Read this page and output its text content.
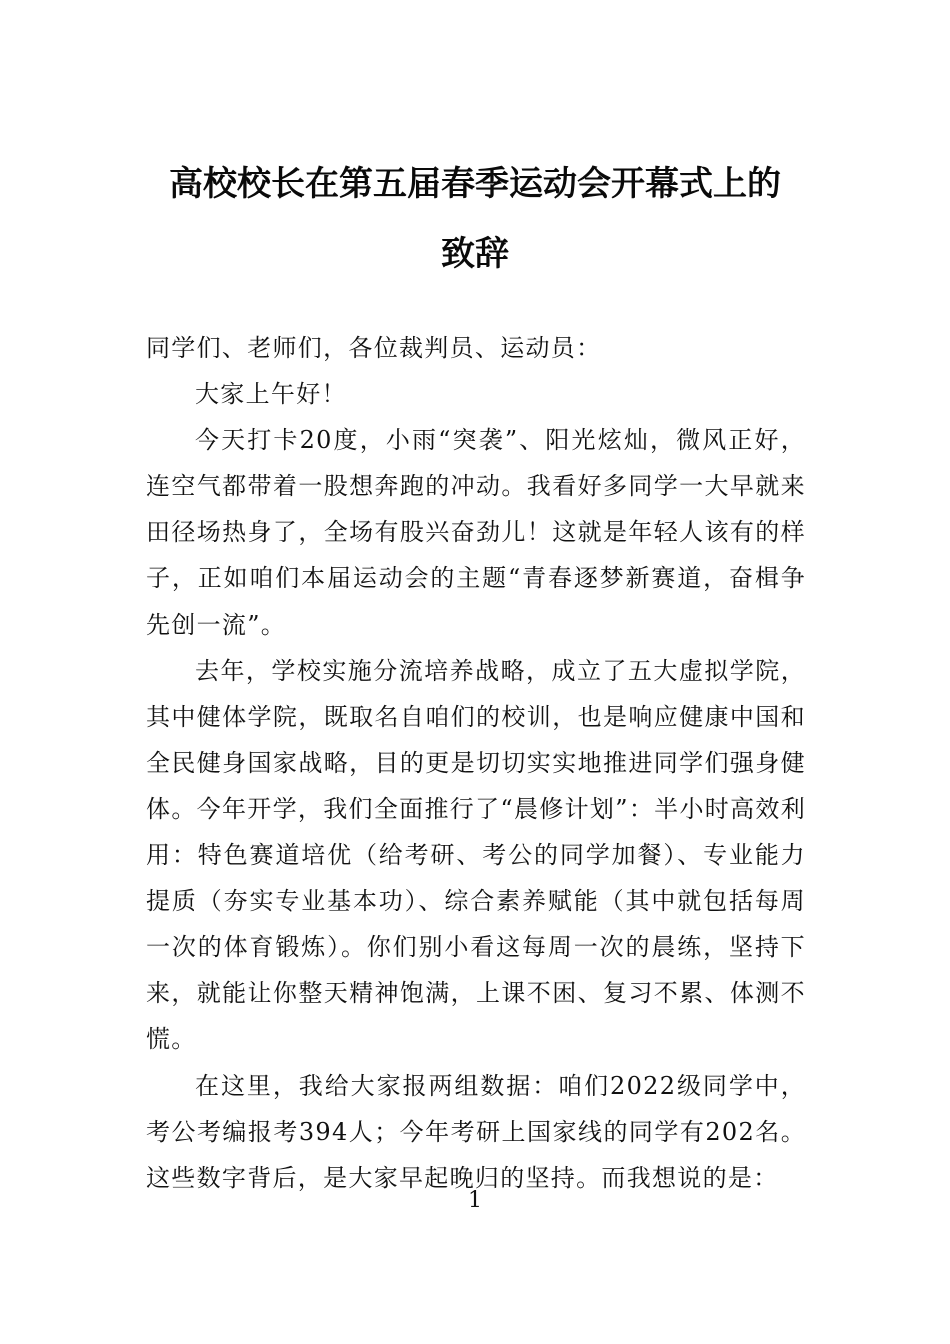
高校校长在第五届春季运动会开幕式上的
致辞

同学们、老师们，各位裁判员、运动员：

大家上午好！

今天打卡20度，小雨“突袭”、阳光炫灿，微风正好，连空气都带着一股想奔跑的冲动。我看好多同学一大早就来田径场热身了，全场有股兴奋劲儿！这就是年轻人该有的样子，正如咱们本届运动会的主题“青春逐梦新赛道，奋楫争先创一流”。

去年，学校实施分流培养战略，成立了五大虚拟学院，其中健体学院，既取名自咱们的校训，也是响应健康中国和全民健身国家战略，目的更是切切实实地推进同学们强身健体。今年开学，我们全面推行了“晨修计划”：半小时高效利用：特色赛道培优（给考研、考公的同学加餐）、专业能力提质（夯实专业基本功）、综合素养赋能（其中就包括每周一次的体育锻炼）。你们别小看这每周一次的晨练，坚持下来，就能让你整天精神饱满，上课不困、复习不累、体测不慌。

在这里，我给大家报两组数据：咱们2022级同学中，考公考编报考394人；今年考研上国家线的同学有202名。这些数字背后，是大家早起晚归的坚持。而我想说的是：

1
